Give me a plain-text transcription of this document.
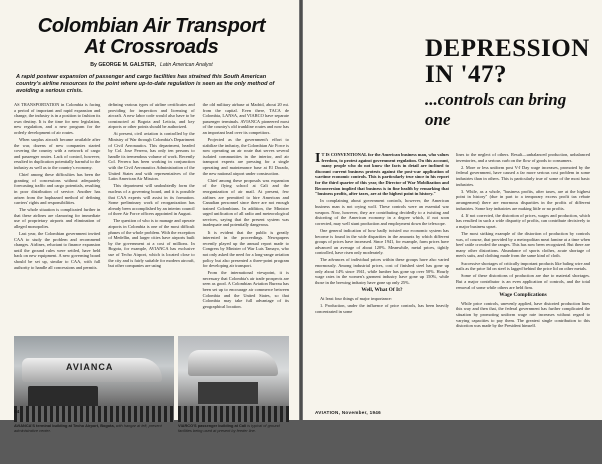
Colombian Air Transport
At Crossroads
By GEORGE M. GALSTER, Latin American Analyst
A rapid postwar expansion of passenger and cargo facilities has strained this South American country's airline resources to the point where up-to-date regulation is seen as the only method of avoiding a serious crisis.

AS TRANSPORTATION in Colombia is facing a period of important and rapid expansion and change, the industry is in a position to fashion its own destiny. It is the time for new legislation, new regulation, and a new program for the orderly development of air routes.

When surplus aircraft became available after the war, dozens of new companies started covering the country with a network of cargo and passenger routes. Lack of control, however, resulted in duplication potentially harmful to the industry as well as to the country's economy.

Chief among these difficulties has been the granting of concessions without adequately forecasting traffic and cargo potentials, resulting in poor distribution of service. Another has arisen from the haphazard method of defining carriers' rights and responsibilities.

The whole situation is complicated further in that these airlines are clamoring for immediate use of proprietary airports and elimination of alleged monopolies.

Last year, the Colombian government invited CAA to study the problem and recommend changes. Airlines, reluctant to finance expansion until the ground rules were settled, have held back on new equipment. A new governing board should be set up, similar to CAA, with full authority to handle all concessions and permits.

defining various types of airline certificates and providing for inspection and licensing of aircraft. A new labor code would also have to be constructed at Bogota and Leticia, and key airports or other points should be authorized.

At present, civil aviation is controlled by the Ministry of War through Colombia's Department of Civil Aeronautics. This department, headed by Col. Jose Ferrera, has only ten persons to handle its tremendous volume of work. Recently Col. Ferrera has been working in conjunction with the Civil Aeronautics Administration of the United States and with representatives of the Latin American Air Mission.

This department will undoubtedly form the nucleus of a governing board, and it is possible that CAA experts will assist in its formation. Some preliminary work of reorganization has already been accomplished by an interim council of three Air Force officers appointed in August.

The question of who is to manage and operate airports in Colombia is one of the most difficult phases of the whole problem. With the exception of Medellin, and larger cities have airports built by the government at a cost of millions. In Bogota, for example, AVIANCA has exclusive use of Techo Airport, which is located close to the city and is fairly suitable for modern aircraft, but other companies are using

the old military airbase at Madrid, about 20 mi. from the capital. Even there, TACA de Colombia, LANSA, and VIARCO have separate passenger terminals. AVIANCA pioneered most of the country's old trunkline routes and now has an important lead over its competitors.

Projected as the government's effort to stabilize the industry, the Colombian Air Force is now operating an air route that serves several isolated communities in the interior, and air transport experts are pressing for a single operating and maintenance base at El Dorado, the new national airport under construction.

Chief among these proposals was expansion of the flying school at Cali and the reorganization of air mail. At present, few airlines are permitted to hire American and Canadian personnel since there are not enough trained Colombians. In addition, the Minister urged unification of all radio and meteorological services, saying that the present system was inadequate and potentially dangerous.

It is evident that the public is greatly interested in the proceedings. Newspapers recently played up the annual report made to Congress by Minister of War Luis Tamayo, who not only asked the need for a long-range aviation policy but also presented a three-point program for developing air transport.

From the international viewpoint, it is necessary that Colombia's air trade prospects are seen as good. A Colombian Aviation Bureau has been set up to encourage air commerce between Colombia and the United States, so that Colombia may take full advantage of its geographical location.

AVIANCA
AVIANCA'S terminal building at Techo Airport, Bogota, with hangar at left, present administrative center.
VIARCO'S passenger building at Cali is typical of ground facilities being used at present by feeder line.
94
DEPRESSION IN '47?
...controls can bring one

I T IS CONVENTIONAL for the American business man, who values freedom, to protest against government regulation. On this account, many people who do not know the facts in detail are inclined to discount current business protests against the post-war application of wartime economic controls. This is particularly true since in his report for the third quarter of this year, the Director of War Mobilization and Reconversion implied that business is in fine health by remarking that "business profits, after taxes, are at the highest point in history."

In complaining about government controls, however, the American business man is not crying wolf. These controls were an essential war weapon. Now, however, they are contributing decidedly to a twisting and distorting of the American economy in a degree which, if not soon corrected, may well stunt production and employment down the telescope.

One general indication of how badly twisted our economic system has become is found in the wide disparities in the amounts by which different groups of prices have increased. Since 1941, for example, farm prices have advanced an average of about 120%. Meanwhile, metal prices, tightly controlled, have risen only moderately.

The advances of individual prices within these groups have also varied enormously. Among industrial prices, cost of finished steel has gone up only about 14% since 1941, while lumber has gone up over 50%. Hourly wage rates in the women's garment industry have gone up 150%, while those in the brewing industry have gone up only 25%.

Well, What Of It?

At least four things of major importance:

1. Production, under the influence of price controls, has been heavily concentrated in some

lines to the neglect of others. Result—unbalanced production, unbalanced inventories, and a serious curb on the flow of goods to consumers.

2. More or less uniform post V-J Day wage increases, promoted by the federal government, have caused a far more serious cost problem in some industries than in others. This is particularly true of some of the most basic industries.

3. While, as a whole, "business profits, after taxes, are at the highest point in history" (due in part to a temporary excess profit tax rebate arrangement) there are enormous disparities in the profits of different industries. Some key industries are making little or no profits.

4. If not corrected, the distortion of prices, wages and production, which has resulted in such a wide disparity of profits, can contribute decisively to a major business upset.

The most striking example of the distortion of production by controls was, of course, that provided by a metropolitan meat famine at a time when beef cattle crowded the ranges. This has now been recognized. But there are many other distortions. Abundance of sports clothes, acute shortage of men's suits, and clothing made from the same kind of cloth.

Successive shortages of critically important products like baling wire and nails as the price lid on steel is lagged behind the price lid on other metals.

Some of these distortions of production are due to material shortages. But a major contributor is an even application of controls, and the total removal of some while others are held firm.

Wage Complications

While price controls, unevenly applied, have distorted production lines this way and then that, the federal government has further complicated the situation by promoting uniform wage rate increases without regard to varying capacities to pay them. The greatest single contribution to this distortion was made by the President himself.

AVIATION, November, 1946
